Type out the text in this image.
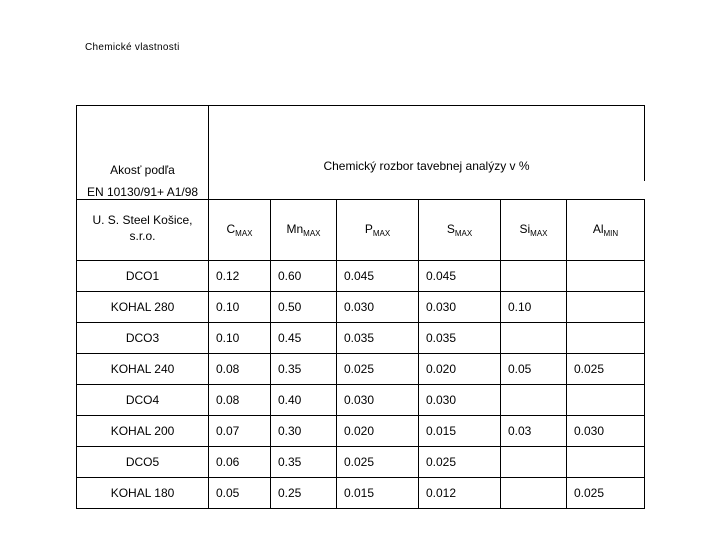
Chemické vlastnosti
Akosť podľa	Chemický rozbor tavebnej analýzy v %					

EN 10130/91+ A1/98						

U. S. Steel Košice,
s.r.o.	$C_{MAX}$	$Mn_{MAX}$	$P_{MAX}$	$S_{MAX}$	$Si_{MAX}$	$Al_{MIN}$
DCO1	0.12	0.60	0.045	0.045		
KOHAL 280	0.10	0.50	0.030	0.030	0.10	
DCO3	0.10	0.45	0.035	0.035		
KOHAL 240	0.08	0.35	0.025	0.020	0.05	0.025
DCO4	0.08	0.40	0.030	0.030		
KOHAL 200	0.07	0.30	0.020	0.015	0.03	0.030
DCO5	0.06	0.35	0.025	0.025		
KOHAL 180	0.05	0.25	0.015	0.012		0.025
